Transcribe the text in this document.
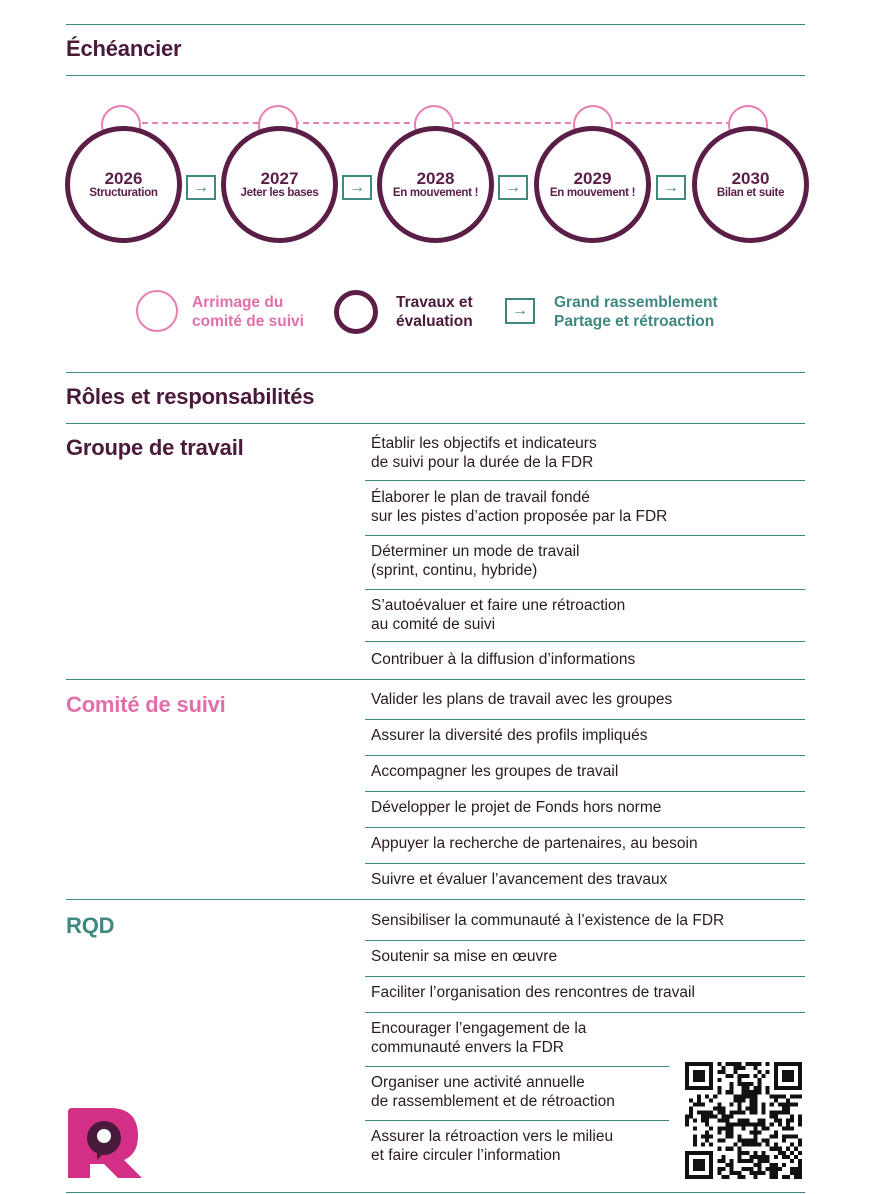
Échéancier
2026
Structuration	→	2027
Jeter les bases	→	2028
En mouvement !	→	2029
En mouvement !	→	2030
Bilan et suite
Arrimage du
comité de suivi
Travaux et
évaluation
→	Grand rassemblement
Partage et rétroaction
Rôles et responsabilités
Groupe de travail	Établir les objectifs et indicateurs
de suivi pour la durée de la FDR
Élaborer le plan de travail fondé
sur les pistes d’action proposée par la FDR
Déterminer un mode de travail
(sprint, continu, hybride)
S’autoévaluer et faire une rétroaction
au comité de suivi
Contribuer à la diffusion d’informations
Comité de suivi	Valider les plans de travail avec les groupes
Assurer la diversité des profils impliqués
Accompagner les groupes de travail
Développer le projet de Fonds hors norme
Appuyer la recherche de partenaires, au besoin
Suivre et évaluer l’avancement des travaux
RQD	Sensibiliser la communauté à l’existence de la FDR
Soutenir sa mise en œuvre
Faciliter l’organisation des rencontres de travail
Encourager l’engagement de la
communauté envers la FDR
Organiser une activité annuelle
de rassemblement et de rétroaction
Assurer la rétroaction vers le milieu
et faire circuler l’information
